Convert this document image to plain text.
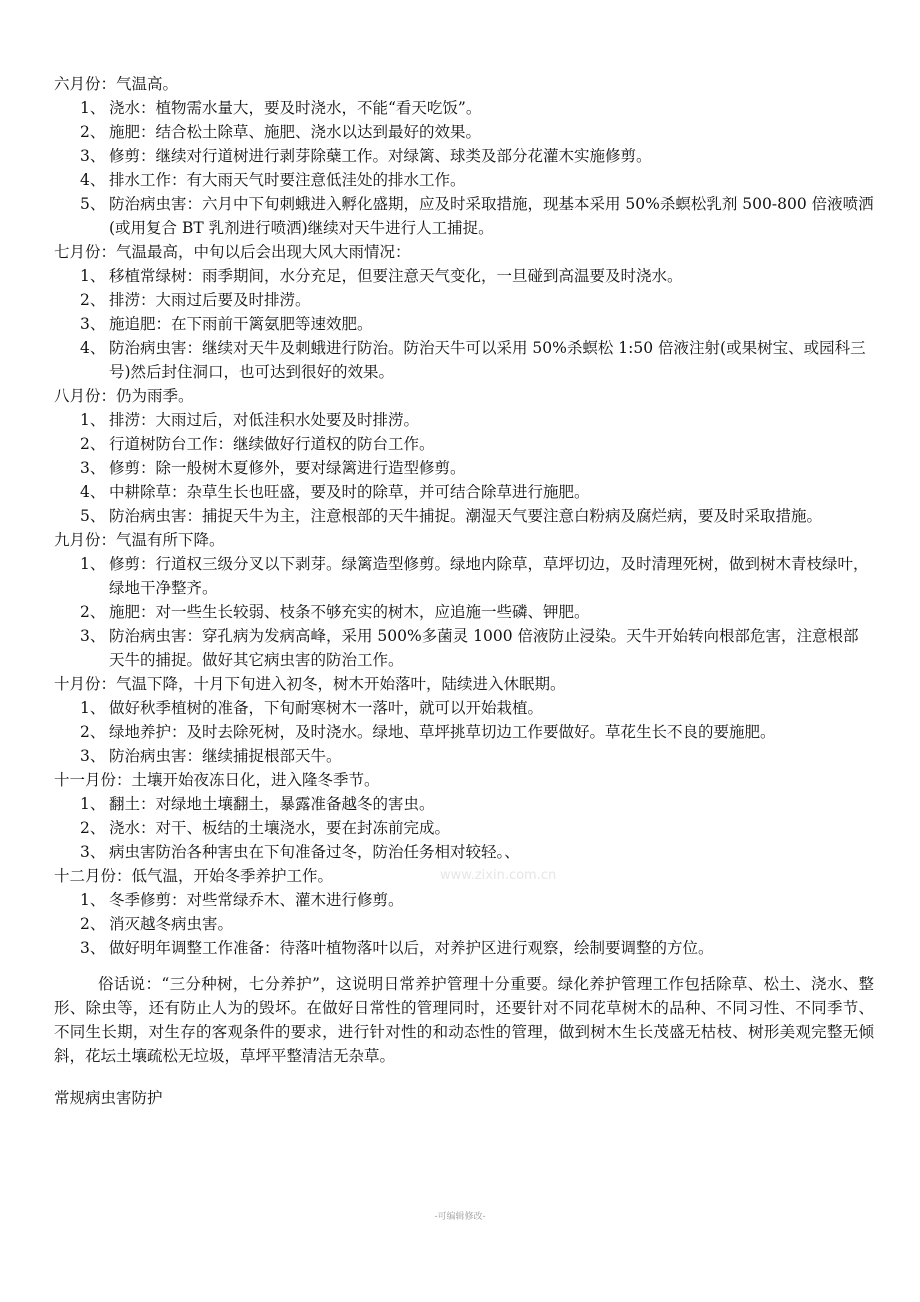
六月份：气温高。
1、 浇水：植物需水量大，要及时浇水，不能“看天吃饭”。
2、 施肥：结合松土除草、施肥、浇水以达到最好的效果。
3、 修剪：继续对行道树进行剥芽除蘖工作。对绿篱、球类及部分花灌木实施修剪。
4、 排水工作：有大雨天气时要注意低洼处的排水工作。
5、 防治病虫害：六月中下旬刺蛾进入孵化盛期，应及时采取措施，现基本采用 50%杀螟松乳剂 500-800 倍液喷洒(或用复合 BT 乳剂进行喷洒)继续对天牛进行人工捕捉。
七月份：气温最高，中旬以后会出现大风大雨情况：
1、 移植常绿树：雨季期间，水分充足，但要注意天气变化，一旦碰到高温要及时浇水。
2、 排涝：大雨过后要及时排涝。
3、 施追肥：在下雨前干篱氨肥等速效肥。
4、 防治病虫害：继续对天牛及刺蛾进行防治。防治天牛可以采用 50%杀螟松 1:50 倍液注射(或果树宝、或园科三号)然后封住洞口，也可达到很好的效果。
八月份：仍为雨季。
1、 排涝：大雨过后，对低洼积水处要及时排涝。
2、 行道树防台工作：继续做好行道权的防台工作。
3、 修剪：除一般树木夏修外，要对绿篱进行造型修剪。
4、 中耕除草：杂草生长也旺盛，要及时的除草，并可结合除草进行施肥。
5、 防治病虫害：捕捉天牛为主，注意根部的天牛捕捉。潮湿天气要注意白粉病及腐烂病，要及时采取措施。
九月份：气温有所下降。
1、 修剪：行道权三级分叉以下剥芽。绿篱造型修剪。绿地内除草，草坪切边，及时清理死树，做到树木青枝绿叶，绿地干净整齐。
2、 施肥：对一些生长较弱、枝条不够充实的树木，应追施一些磷、钾肥。
3、 防治病虫害：穿孔病为发病高峰，采用 500%多菌灵 1000 倍液防止浸染。天牛开始转向根部危害，注意根部天牛的捕捉。做好其它病虫害的防治工作。
十月份：气温下降，十月下旬进入初冬，树木开始落叶，陆续进入休眠期。
1、 做好秋季植树的准备，下旬耐寒树木一落叶，就可以开始栽植。
2、 绿地养护：及时去除死树，及时浇水。绿地、草坪挑草切边工作要做好。草花生长不良的要施肥。
3、 防治病虫害：继续捕捉根部天牛。
十一月份：土壤开始夜冻日化，进入隆冬季节。
1、 翻土：对绿地土壤翻土，暴露准备越冬的害虫。
2、 浇水：对干、板结的土壤浇水，要在封冻前完成。
3、 病虫害防治各种害虫在下旬准备过冬，防治任务相对较轻。、
十二月份：低气温，开始冬季养护工作。
1、 冬季修剪：对些常绿乔木、灌木进行修剪。
2、 消灭越冬病虫害。
3、 做好明年调整工作准备：待落叶植物落叶以后，对养护区进行观察，绘制要调整的方位。
俗话说：“三分种树，七分养护”，这说明日常养护管理十分重要。绿化养护管理工作包括除草、松土、浇水、整形、除虫等，还有防止人为的毁坏。在做好日常性的管理同时，还要针对不同花草树木的品种、不同习性、不同季节、不同生长期，对生存的客观条件的要求，进行针对性的和动态性的管理，做到树木生长茂盛无枯枝、树形美观完整无倾斜，花坛土壤疏松无垃圾，草坪平整清洁无杂草。
常规病虫害防护
www.zixin.com.cn
-可编辑修改-
